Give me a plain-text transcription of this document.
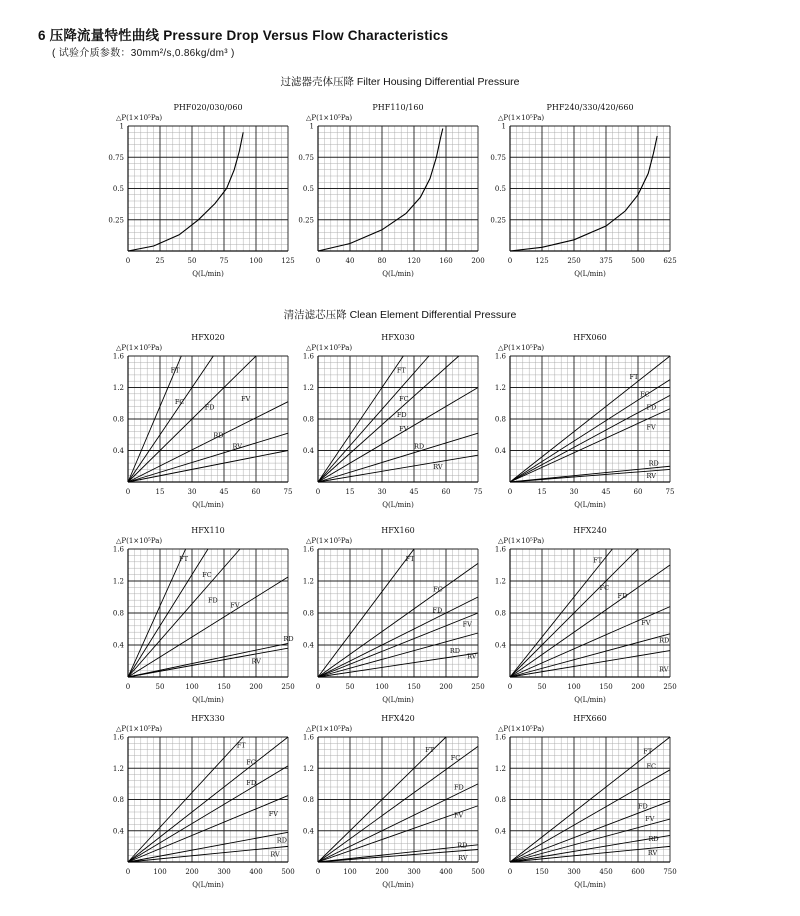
6 压降流量特性曲线 Pressure Drop Versus Flow Characteristics
( 试验介质参数：30mm²/s,0.86kg/dm³ )
过滤器壳体压降 Filter Housing Differential Pressure
清洁滤芯压降 Clean Element Differential Pressure
0	25	50	75	100	125
0.25
0.5
0.75
1
PHF020/030/060
△P(1×10⁵Pa)
Q(L/min)
0	40	80	120	160	200
0.25
0.5
0.75
1
PHF110/160
△P(1×10⁵Pa)
Q(L/min)
0	125	250	375	500	625
0.25
0.5
0.75
1
PHF240/330/420/660
△P(1×10⁵Pa)
Q(L/min)
0	15	30	45	60	75
0.4
0.8
1.2
1.6
HFX020
△P(1×10⁵Pa)
Q(L/min)
FT
FC
FD
FV
RD
RV
0	15	30	45	60	75
0.4
0.8
1.2
1.6
HFX030
△P(1×10⁵Pa)
Q(L/min)
FT
FC
FD
FV
RD
RV
0	15	30	45	60	75
0.4
0.8
1.2
1.6
HFX060
△P(1×10⁵Pa)
Q(L/min)
FT
FC
FD
FV
RD
RV
0	50	100	150	200	250
0.4
0.8
1.2
1.6
HFX110
△P(1×10⁵Pa)
Q(L/min)
FT
FC
FD
FV
RD
RV
0	50	100	150	200	250
0.4
0.8
1.2
1.6
HFX160
△P(1×10⁵Pa)
Q(L/min)
FT
FC
FD
FV
RD
RV
0	50	100	150	200	250
0.4
0.8
1.2
1.6
HFX240
△P(1×10⁵Pa)
Q(L/min)
FT
FC
FD
FV
RD
RV
0	100	200	300	400	500
0.4
0.8
1.2
1.6
HFX330
△P(1×10⁵Pa)
Q(L/min)
FT
FC
FD
FV
RD
RV
0	100	200	300	400	500
0.4
0.8
1.2
1.6
HFX420
△P(1×10⁵Pa)
Q(L/min)
FT
FC
FD
FV
RD
RV
0	150	300	450	600	750
0.4
0.8
1.2
1.6
HFX660
△P(1×10⁵Pa)
Q(L/min)
FT
FC
FD
FV
RD
RV
